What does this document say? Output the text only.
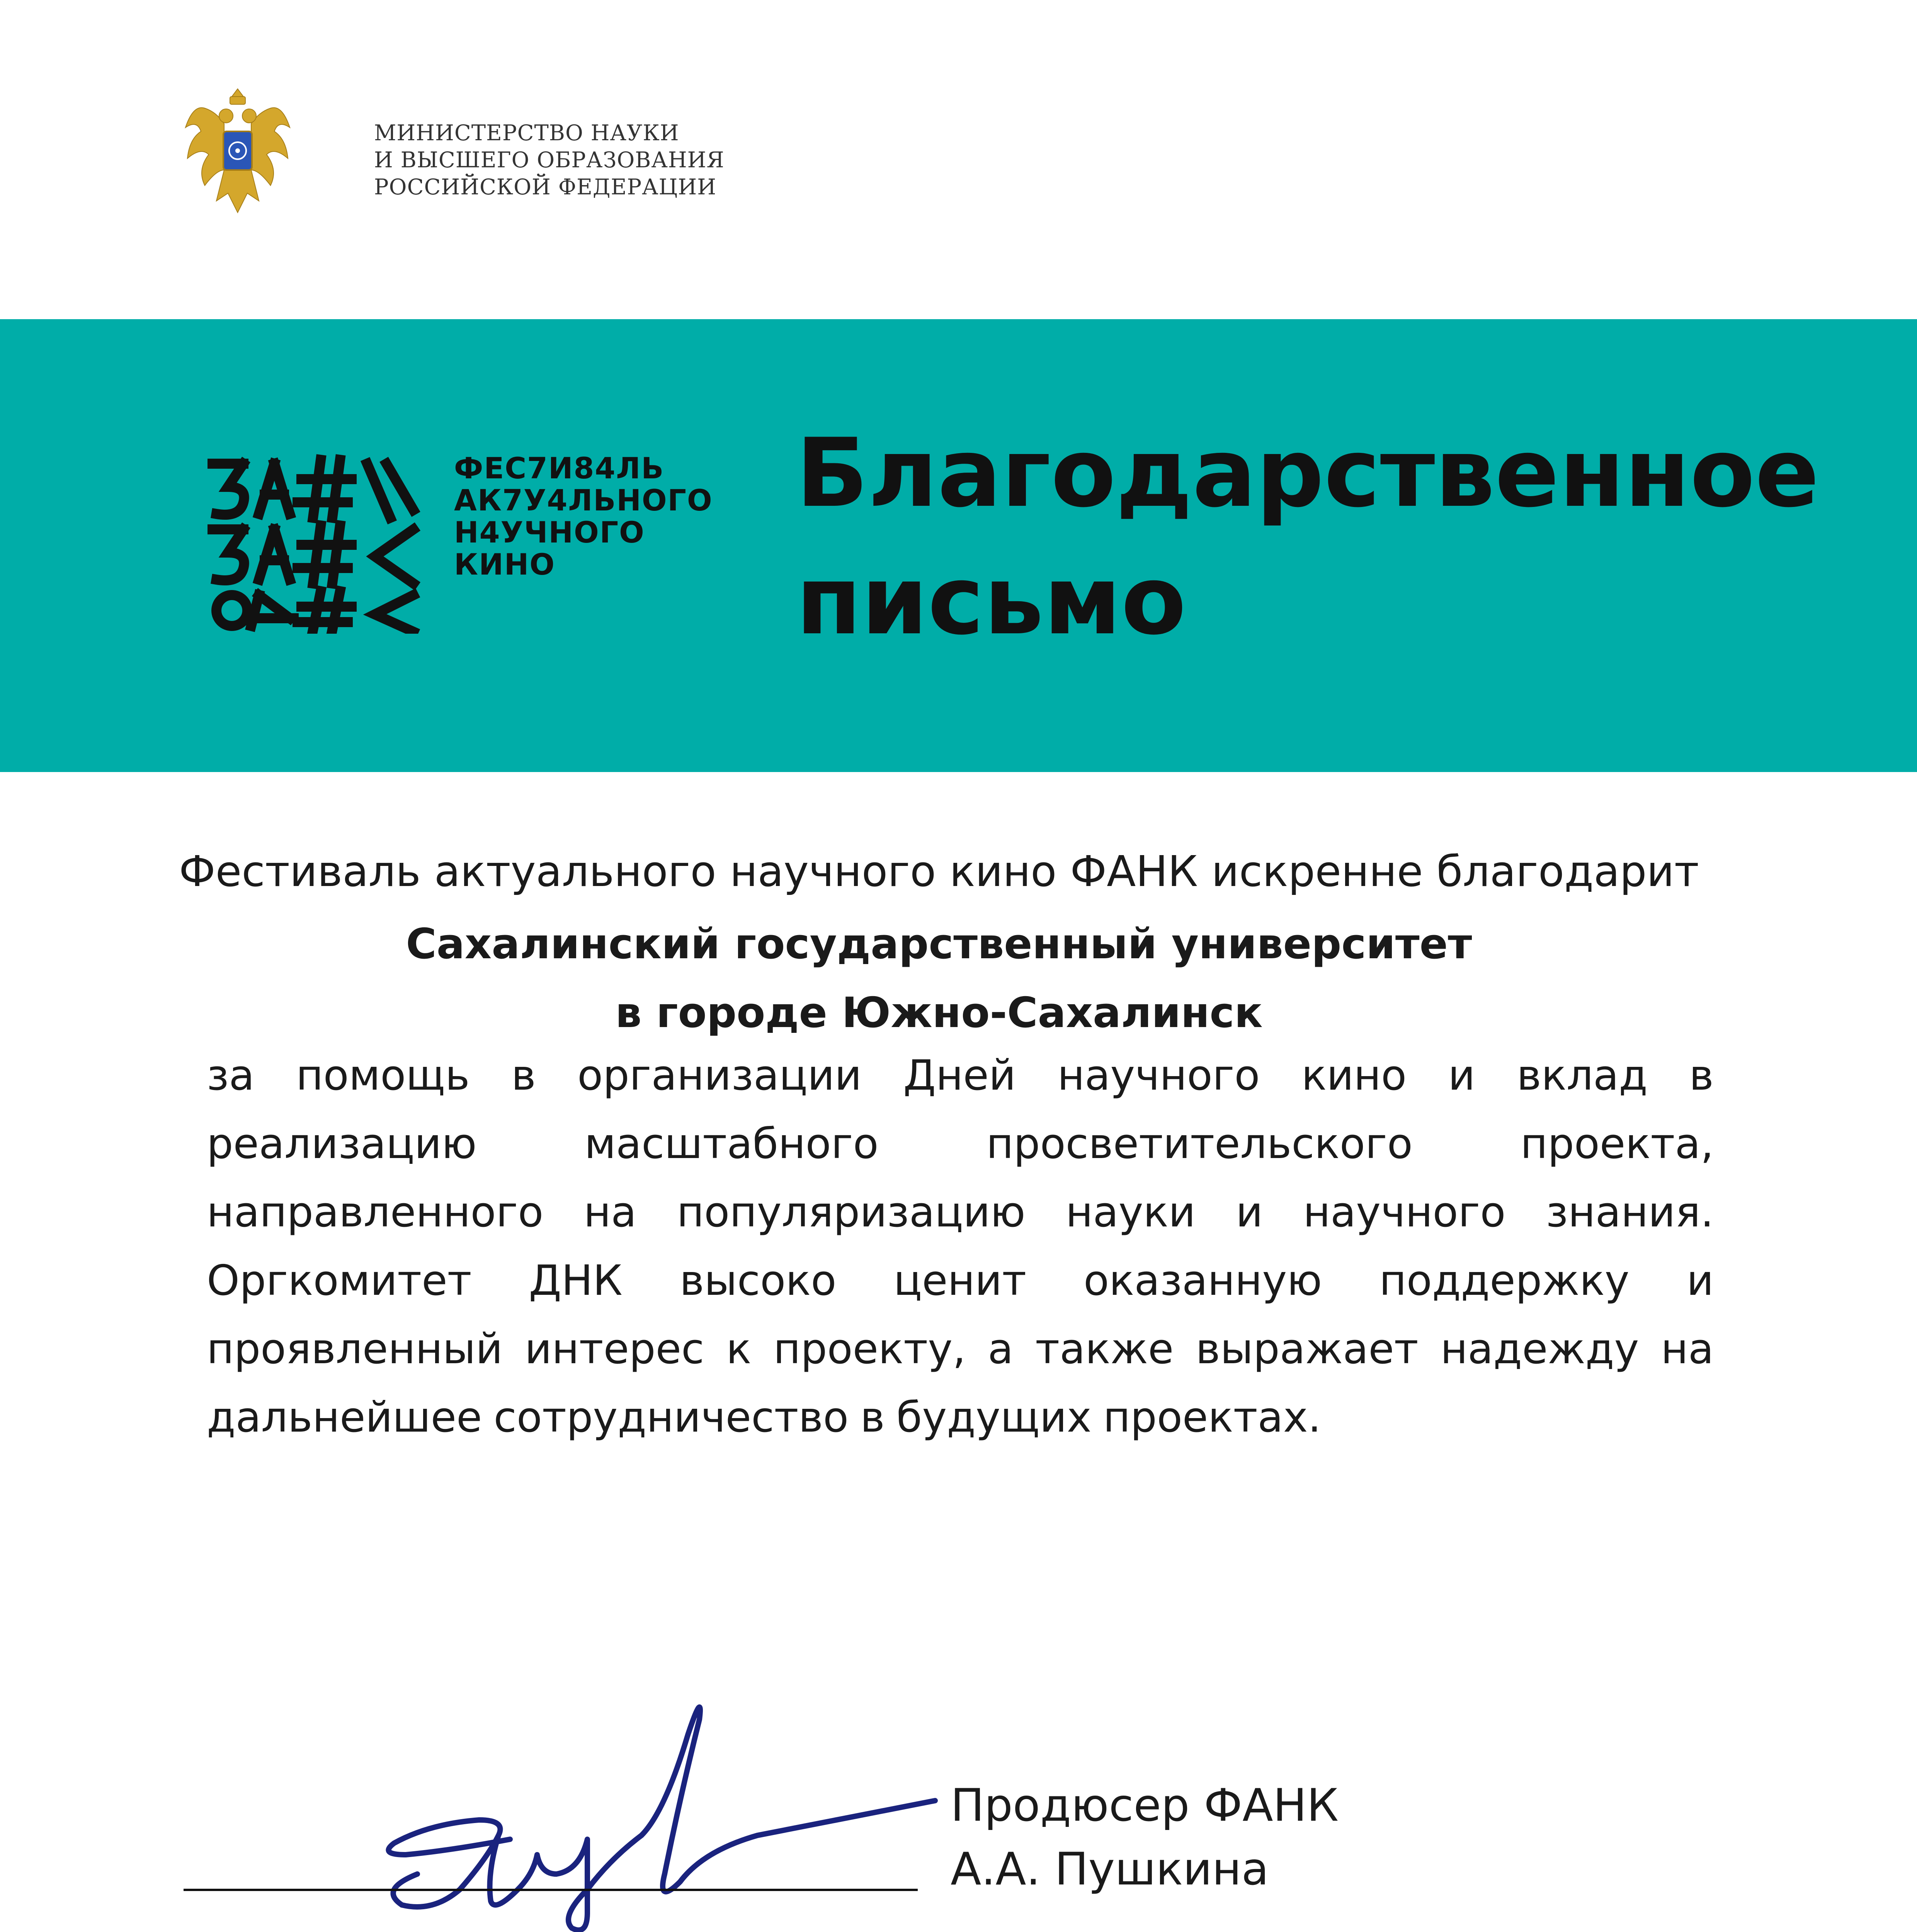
МИНИСТЕРСТВО НАУКИ
И ВЫСШЕГО ОБРАЗОВАНИЯ
РОССИЙСКОЙ ФЕДЕРАЦИИ
ФЕС7И84ЛЬ
АК7У4ЛЬНОГО
Н4УЧНОГО
КИНО
Благодарственное
письмо
Фестиваль актуального научного кино ФАНК искренне благодарит
Сахалинский государственный университет
в городе Южно-Сахалинск
за помощь в организации Дней научного кино и вклад в
реализацию	масштабного	просветительского	проекта,
направленного на популяризацию науки и научного знания.
Оргкомитет ДНК высоко ценит оказанную поддержку и
проявленный интерес к проекту, а также выражает надежду на
дальнейшее сотрудничество в будущих проектах.
Продюсер ФАНК
А.А. Пушкина
